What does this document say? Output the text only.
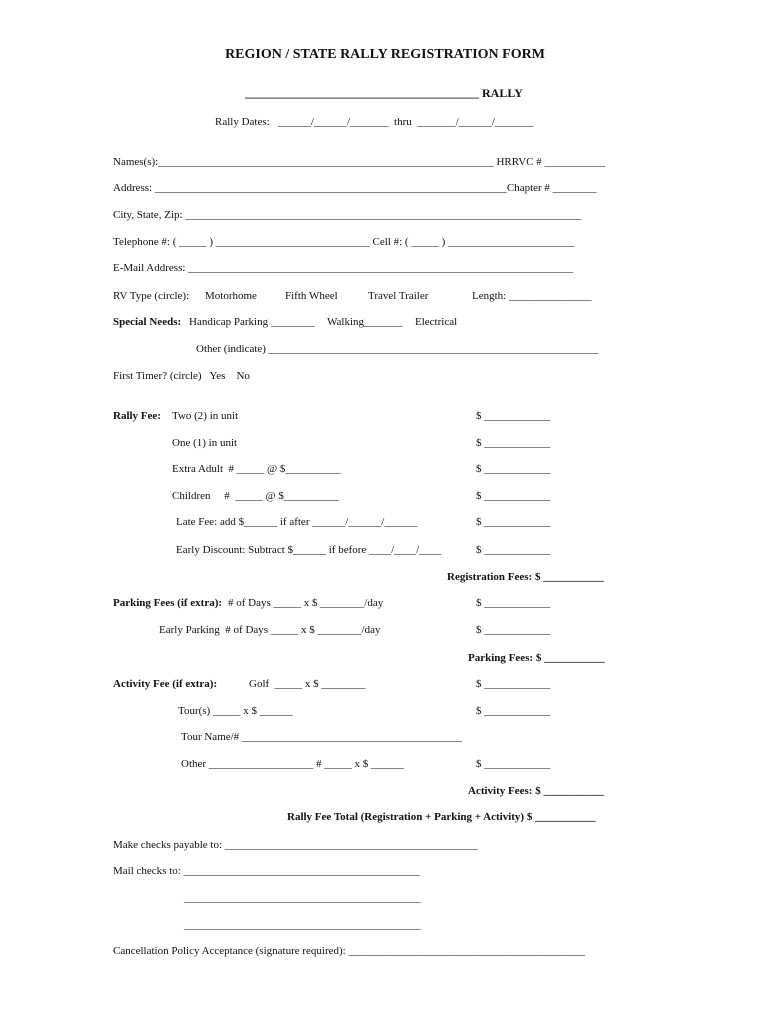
REGION / STATE RALLY REGISTRATION FORM
_______________________________________ RALLY
Rally Dates:   ______/______/_______  thru  _______/______/_______
Names(s):_____________________________________________________________ HRRVC # ___________
Address: ________________________________________________________________Chapter # ________
City, State, Zip: ________________________________________________________________________
Telephone #: ( _____ ) ____________________________ Cell #: ( _____ ) _______________________
E-Mail Address: ______________________________________________________________________
RV Type (circle): Motorhome	Fifth Wheel	Travel Trailer	Length: _______________
Special Needs: Handicap Parking ________ Walking_______ Electrical
Other (indicate) ____________________________________________________________
First Timer? (circle)   Yes    No
Rally Fee: Two (2) in unit	$ ____________
One (1) in unit	$ ____________
Extra Adult  # _____ @ $__________	$ ____________
Children     #  _____ @ $__________	$ ____________
Late Fee: add $______ if after ______/______/______	$ ____________
Early Discount: Subtract $______ if before ____/____/____	$ ____________
Registration Fees: $ ___________
Parking Fees (if extra): # of Days _____ x $ ________/day	$ ____________
Early Parking  # of Days _____ x $ ________/day	$ ____________
Parking Fees: $ ___________
Activity Fee (if extra):	Golf  _____ x $ ________	$ ____________
Tour(s) _____ x $ ______	$ ____________
Tour Name/# ________________________________________
Other ___________________ # _____ x $ ______	$ ____________
Activity Fees: $ ___________
Rally Fee Total (Registration + Parking + Activity) $ ___________
Make checks payable to: ______________________________________________
Mail checks to: ___________________________________________
___________________________________________
___________________________________________
Cancellation Policy Acceptance (signature required): ___________________________________________
